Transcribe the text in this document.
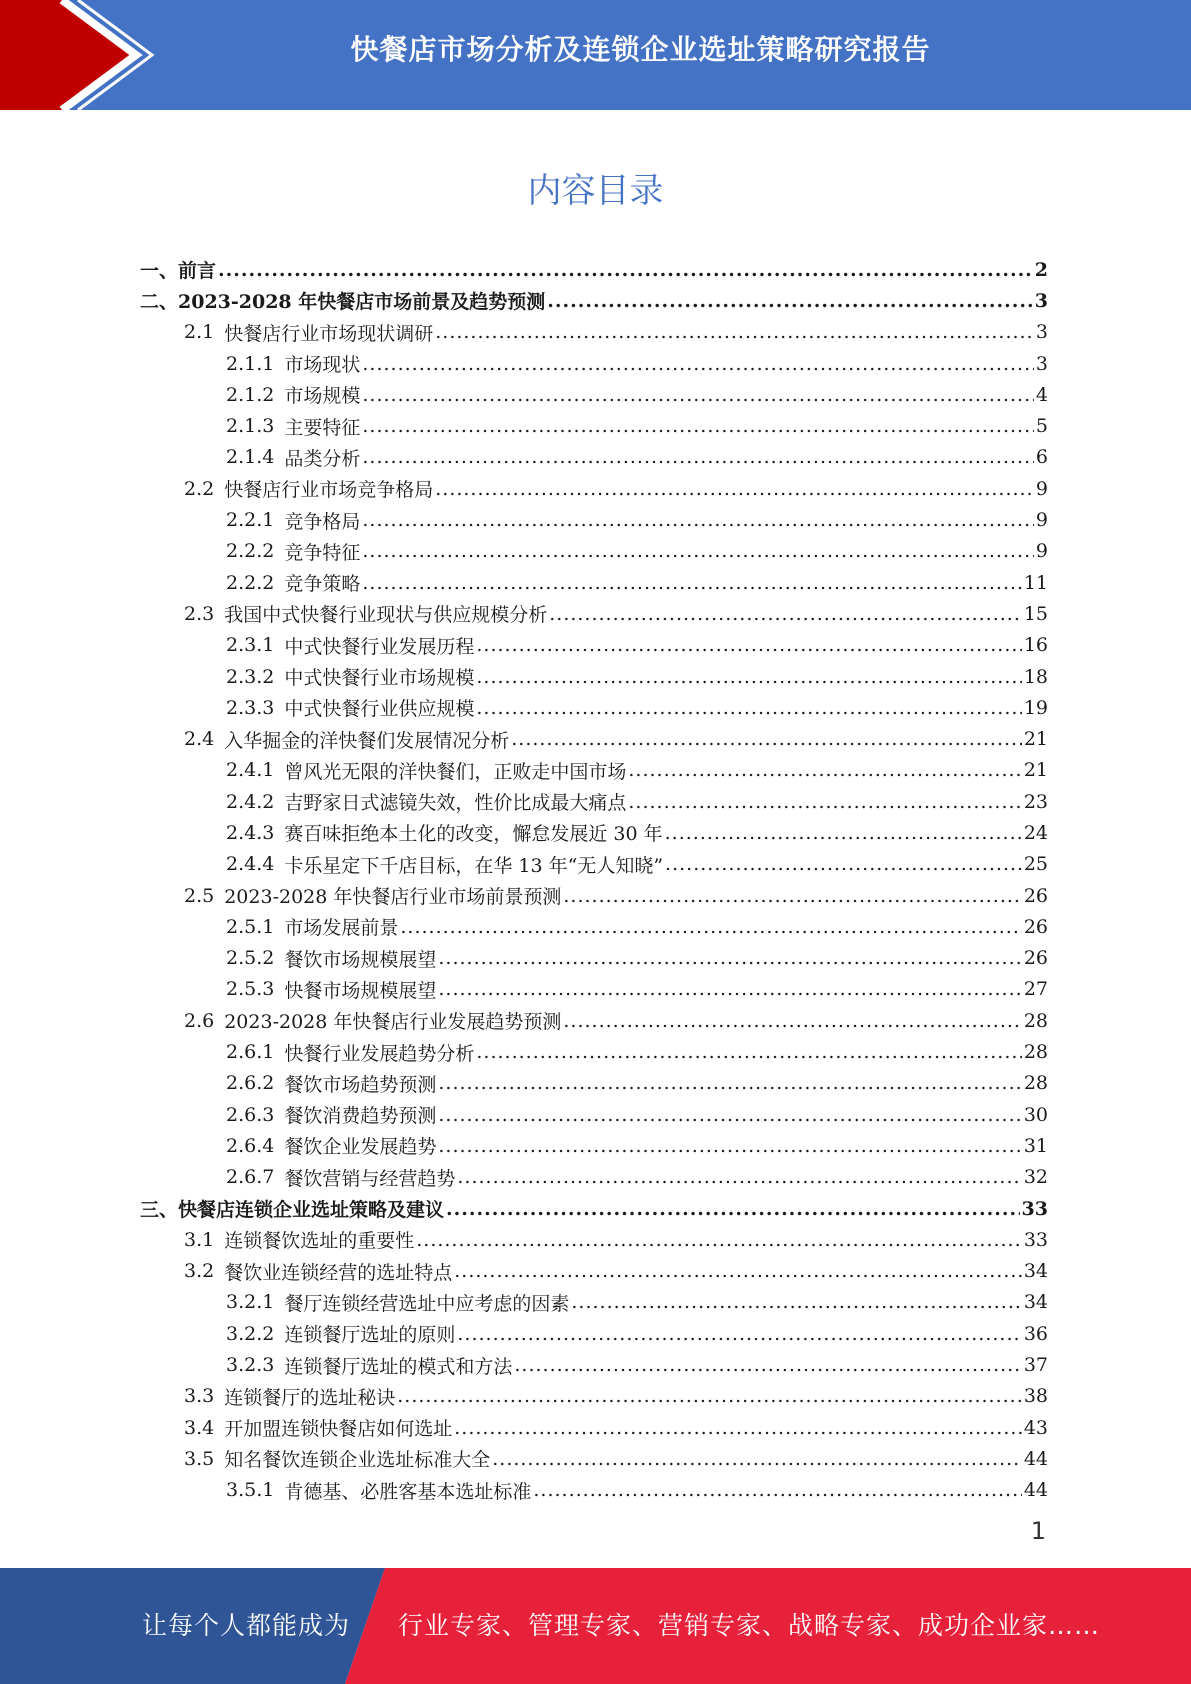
快餐店市场分析及连锁企业选址策略研究报告
内容目录
一、前言 .....	2
二、2023-2028 年快餐店市场前景及趋势预测 .....	3
2.1 快餐店行业市场现状调研 .....	3
2.1.1 市场现状 .....	3
2.1.2 市场规模 .....	4
2.1.3 主要特征 .....	5
2.1.4 品类分析 .....	6
2.2 快餐店行业市场竞争格局 .....	9
2.2.1 竞争格局 .....	9
2.2.2 竞争特征 .....	9
2.2.2 竞争策略 .....	11
2.3 我国中式快餐行业现状与供应规模分析 .....	15
2.3.1 中式快餐行业发展历程 .....	16
2.3.2 中式快餐行业市场规模 .....	18
2.3.3 中式快餐行业供应规模 .....	19
2.4 入华掘金的洋快餐们发展情况分析 .....	21
2.4.1 曾风光无限的洋快餐们，正败走中国市场 .....	21
2.4.2 吉野家日式滤镜失效，性价比成最大痛点 .....	23
2.4.3 赛百味拒绝本土化的改变，懈怠发展近 30 年 .....	24
2.4.4 卡乐星定下千店目标，在华 13 年“无人知晓” .....	25
2.5 2023-2028 年快餐店行业市场前景预测 .....	26
2.5.1 市场发展前景 .....	26
2.5.2 餐饮市场规模展望 .....	26
2.5.3 快餐市场规模展望 .....	27
2.6 2023-2028 年快餐店行业发展趋势预测 .....	28
2.6.1 快餐行业发展趋势分析 .....	28
2.6.2 餐饮市场趋势预测 .....	28
2.6.3 餐饮消费趋势预测 .....	30
2.6.4 餐饮企业发展趋势 .....	31
2.6.7 餐饮营销与经营趋势 .....	32
三、快餐店连锁企业选址策略及建议 .....	33
3.1 连锁餐饮选址的重要性 .....	33
3.2 餐饮业连锁经营的选址特点 .....	34
3.2.1 餐厅连锁经营选址中应考虑的因素 .....	34
3.2.2 连锁餐厅选址的原则 .....	36
3.2.3 连锁餐厅选址的模式和方法 .....	37
3.3 连锁餐厅的选址秘诀 .....	38
3.4 开加盟连锁快餐店如何选址 .....	43
3.5 知名餐饮连锁企业选址标准大全 .....	44
3.5.1 肯德基、必胜客基本选址标准 .....	44
1
让每个人都能成为 行业专家、管理专家、营销专家、战略专家、成功企业家……
